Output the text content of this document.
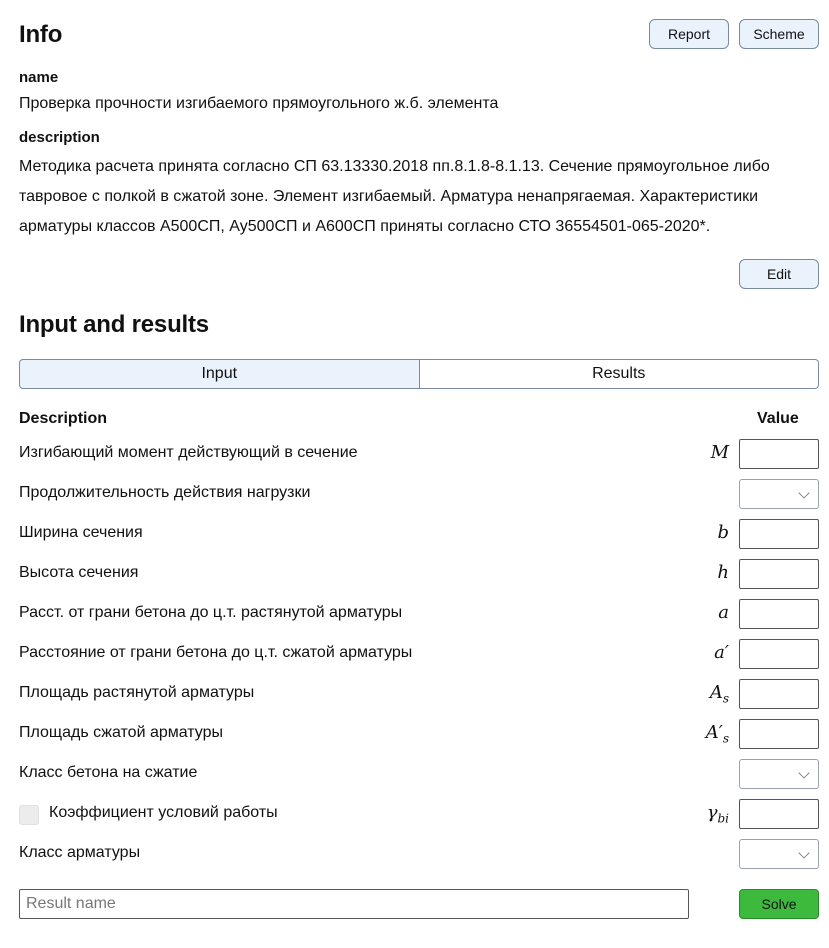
Info	Report	Scheme
name
Проверка прочности изгибаемого прямоугольного ж.б. элемента
description
Методика расчета принята согласно СП 63.13330.2018 пп.8.1.8-8.1.13. Сечение прямоугольное либо тавровое с полкой в сжатой зоне. Элемент изгибаемый. Арматура ненапрягаемая. Характеристики арматуры классов А500СП, Ау500СП и А600СП приняты согласно СТО 36554501-065-2020*.
Edit
Input and results
Input	Results
Description	Value
Изгибающий момент действующий в сечение	M
Продолжительность действия нагрузки
Ширина сечения	b
Высота сечения	h
Расст. от грани бетона до ц.т. растянутой арматуры	a
Расстояние от грани бетона до ц.т. сжатой арматуры	a′
Площадь растянутой арматуры	$A_s$
Площадь сжатой арматуры	$A'_s$
Класс бетона на сжатие
Коэффициент условий работы	$\gamma_{bi}$
Класс арматуры
Result name
Solve
